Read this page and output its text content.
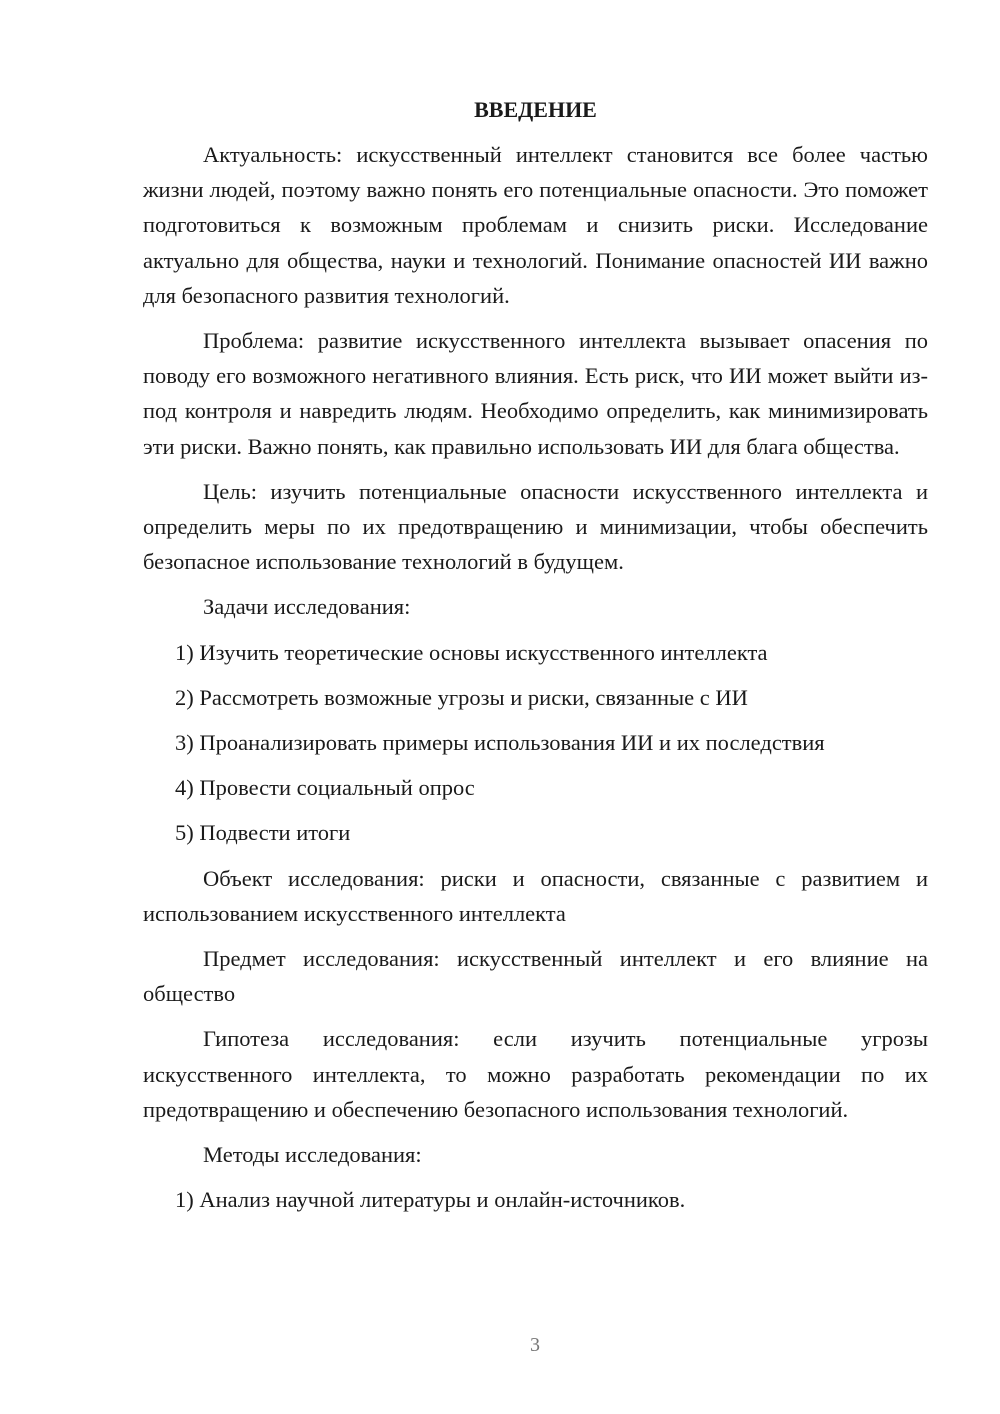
ВВЕДЕНИЕ

Актуальность: искусственный интеллект становится все более частью жизни людей, поэтому важно понять его потенциальные опасности. Это поможет подготовиться к возможным проблемам и снизить риски. Исследование актуально для общества, науки и технологий. Понимание опасностей ИИ важно для безопасного развития технологий.

Проблема: развитие искусственного интеллекта вызывает опасения по поводу его возможного негативного влияния. Есть риск, что ИИ может выйти из-под контроля и навредить людям. Необходимо определить, как минимизировать эти риски. Важно понять, как правильно использовать ИИ для блага общества.

Цель: изучить потенциальные опасности искусственного интеллекта и определить меры по их предотвращению и минимизации, чтобы обеспечить безопасное использование технологий в будущем.

Задачи исследования:

1) Изучить теоретические основы искусственного интеллекта

2) Рассмотреть возможные угрозы и риски, связанные с ИИ

3) Проанализировать примеры использования ИИ и их последствия

4) Провести социальный опрос

5) Подвести итоги

Объект исследования: риски и опасности, связанные с развитием и использованием искусственного интеллекта

Предмет исследования: искусственный интеллект и его влияние на общество

Гипотеза исследования: если изучить потенциальные угрозы искусственного интеллекта, то можно разработать рекомендации по их предотвращению и обеспечению безопасного использования технологий.

Методы исследования:

1) Анализ научной литературы и онлайн-источников.

3
